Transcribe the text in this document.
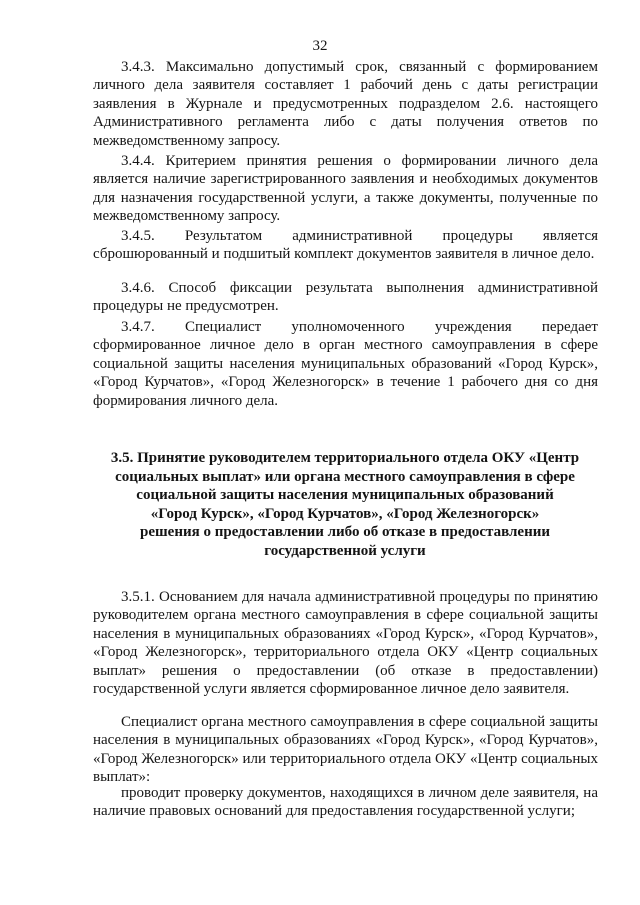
32

3.4.3. Максимально допустимый срок, связанный с формированием личного дела заявителя составляет 1 рабочий день с даты регистрации заявления в Журнале и предусмотренных подразделом 2.6. настоящего Административного регламента либо с даты получения ответов по межведомственному запросу.

3.4.4. Критерием принятия решения о формировании личного дела является наличие зарегистрированного заявления и необходимых документов для назначения государственной услуги, а также документы, полученные по межведомственному запросу.

3.4.5. Результатом административной процедуры является сброшюрованный и подшитый комплект документов заявителя в личное дело.

3.4.6. Способ фиксации результата выполнения административной процедуры не предусмотрен.

3.4.7. Специалист уполномоченного учреждения передает сформированное личное дело в орган местного самоуправления в сфере социальной защиты населения муниципальных образований «Город Курск», «Город Курчатов», «Город Железногорск» в течение 1 рабочего дня со дня формирования личного дела.

3.5. Принятие руководителем территориального отдела ОКУ «Центр
социальных выплат» или органа местного самоуправления в сфере
социальной защиты населения муниципальных образований
«Город Курск», «Город Курчатов», «Город Железногорск»
решения о предоставлении либо об отказе в предоставлении
государственной услуги

3.5.1. Основанием для начала административной процедуры по принятию руководителем органа местного самоуправления в сфере социальной защиты населения в муниципальных образованиях «Город Курск», «Город Курчатов», «Город Железногорск», территориального отдела ОКУ «Центр социальных выплат» решения о предоставлении (об отказе в предоставлении) государственной услуги является сформированное личное дело заявителя.

Специалист органа местного самоуправления в сфере социальной защиты населения в муниципальных образованиях «Город Курск», «Город Курчатов», «Город Железногорск» или территориального отдела ОКУ «Центр социальных выплат»:

проводит проверку документов, находящихся в личном деле заявителя, на наличие правовых оснований для предоставления государственной услуги;
